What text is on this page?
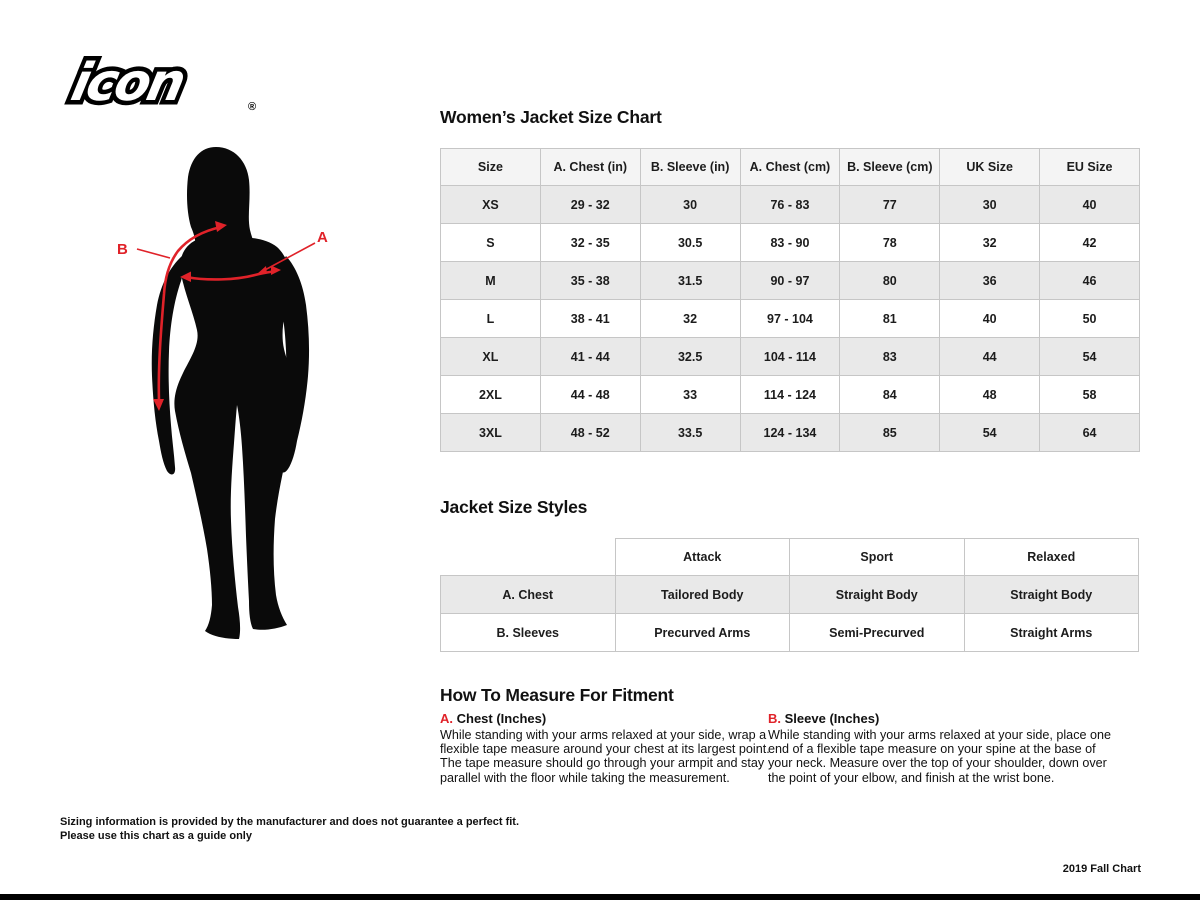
icon	®
B
A
Women’s Jacket Size Chart
Jacket Size Styles
How To Measure For Fitment
Size	A. Chest (in)	B. Sleeve (in)	A. Chest (cm)	B. Sleeve (cm)	UK Size	EU Size
XS	29 - 32	30	76 - 83	77	30	40
S	32 - 35	30.5	83 - 90	78	32	42
M	35 - 38	31.5	90 - 97	80	36	46
L	38 - 41	32	97 - 104	81	40	50
XL	41 - 44	32.5	104 - 114	83	44	54
2XL	44 - 48	33	114 - 124	84	48	58
3XL	48 - 52	33.5	124 - 134	85	54	64
	Attack	Sport	Relaxed
A. Chest	Tailored Body	Straight Body	Straight Body
B. Sleeves	Precurved Arms	Semi-Precurved	Straight Arms
A. Chest (Inches)
While standing with your arms relaxed at your side, wrap a flexible tape measure around your chest at its largest point. The tape measure should go through your armpit and stay parallel with the floor while taking the measurement.
B. Sleeve (Inches)
While standing with your arms relaxed at your side, place one end of a flexible tape measure on your spine at the base of your neck. Measure over the top of your shoulder, down over the point of your elbow, and finish at the wrist bone.
Sizing information is provided by the manufacturer and does not guarantee a perfect fit.
Please use this chart as a guide only
2019 Fall Chart
